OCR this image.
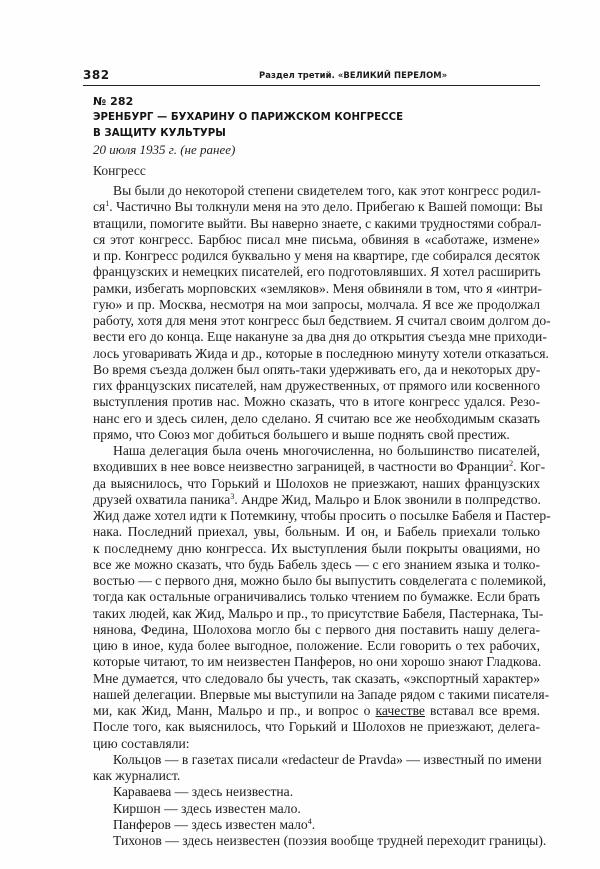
382	Раздел третий. «ВЕЛИКИЙ ПЕРЕЛОМ»
№ 282
ЭРЕНБУРГ — БУХАРИНУ О ПАРИЖСКОМ КОНГРЕССЕ
В ЗАЩИТУ КУЛЬТУРЫ
20 июля 1935 г. (не ранее)
Конгресс
Вы были до некоторой степени свидетелем того, как этот конгресс родил-
$ся^1$. Частично Вы толкнули меня на это дело. Прибегаю к Вашей помощи: Вы
втащили, помогите выйти. Вы наверно знаете, с какими трудностями собрал-
ся этот конгресс. Барбюс писал мне письма, обвиняя в «саботаже, измене»
и пр. Конгресс родился буквально у меня на квартире, где собирался десяток
французских и немецких писателей, его подготовлявших. Я хотел расширить
рамки, избегать морповских «земляков». Меня обвиняли в том, что я «интри-
гую» и пр. Москва, несмотря на мои запросы, молчала. Я все же продолжал
работу, хотя для меня этот конгресс был бедствием. Я считал своим долгом до-
вести его до конца. Еще накануне за два дня до открытия съезда мне приходи-
лось уговаривать Жида и др., которые в последнюю минуту хотели отказаться.
Во время съезда должен был опять-таки удерживать его, да и некоторых дру-
гих французских писателей, нам дружественных, от прямого или косвенного
выступления против нас. Можно сказать, что в итоге конгресс удался. Резо-
нанс его и здесь силен, дело сделано. Я считаю все же необходимым сказать
прямо, что Союз мог добиться большего и выше поднять свой престиж.
Наша делегация была очень многочисленна, но большинство писателей,
входивших в нее вовсе неизвестно заграницей, в частности во Франции$^2$. Ког-
да выяснилось, что Горький и Шолохов не приезжают, наших французских
друзей охватила паника$^3$. Андре Жид, Мальро и Блок звонили в полпредство.
Жид даже хотел идти к Потемкину, чтобы просить о посылке Бабеля и Пастер-
нака. Последний приехал, увы, больным. И он, и Бабель приехали только
к последнему дню конгресса. Их выступления были покрыты овациями, но
все же можно сказать, что будь Бабель здесь — с его знанием языка и толко-
востью — с первого дня, можно было бы выпустить совделегата с полемикой,
тогда как остальные ограничивались только чтением по бумажке. Если брать
таких людей, как Жид, Мальро и пр., то присутствие Бабеля, Пастернака, Ты-
нянова, Федина, Шолохова могло бы с первого дня поставить нашу делега-
цию в иное, куда более выгодное, положение. Если говорить о тех рабочих,
которые читают, то им неизвестен Панферов, но они хорошо знают Гладкова.
Мне думается, что следовало бы учесть, так сказать, «экспортный характер»
нашей делегации. Впервые мы выступили на Западе рядом с такими писателя-
ми, как Жид, Манн, Мальро и пр., и вопрос о качестве вставал все время.
После того, как выяснилось, что Горький и Шолохов не приезжают, делега-
цию составляли:
Кольцов — в газетах писали «redacteur de Pravda» — известный по имени
как журналист.
Караваева — здесь неизвестна.
Киршон — здесь известен мало.
Панферов — здесь известен мало$^4$.
Тихонов — здесь неизвестен (поэзия вообще трудней переходит границы).
